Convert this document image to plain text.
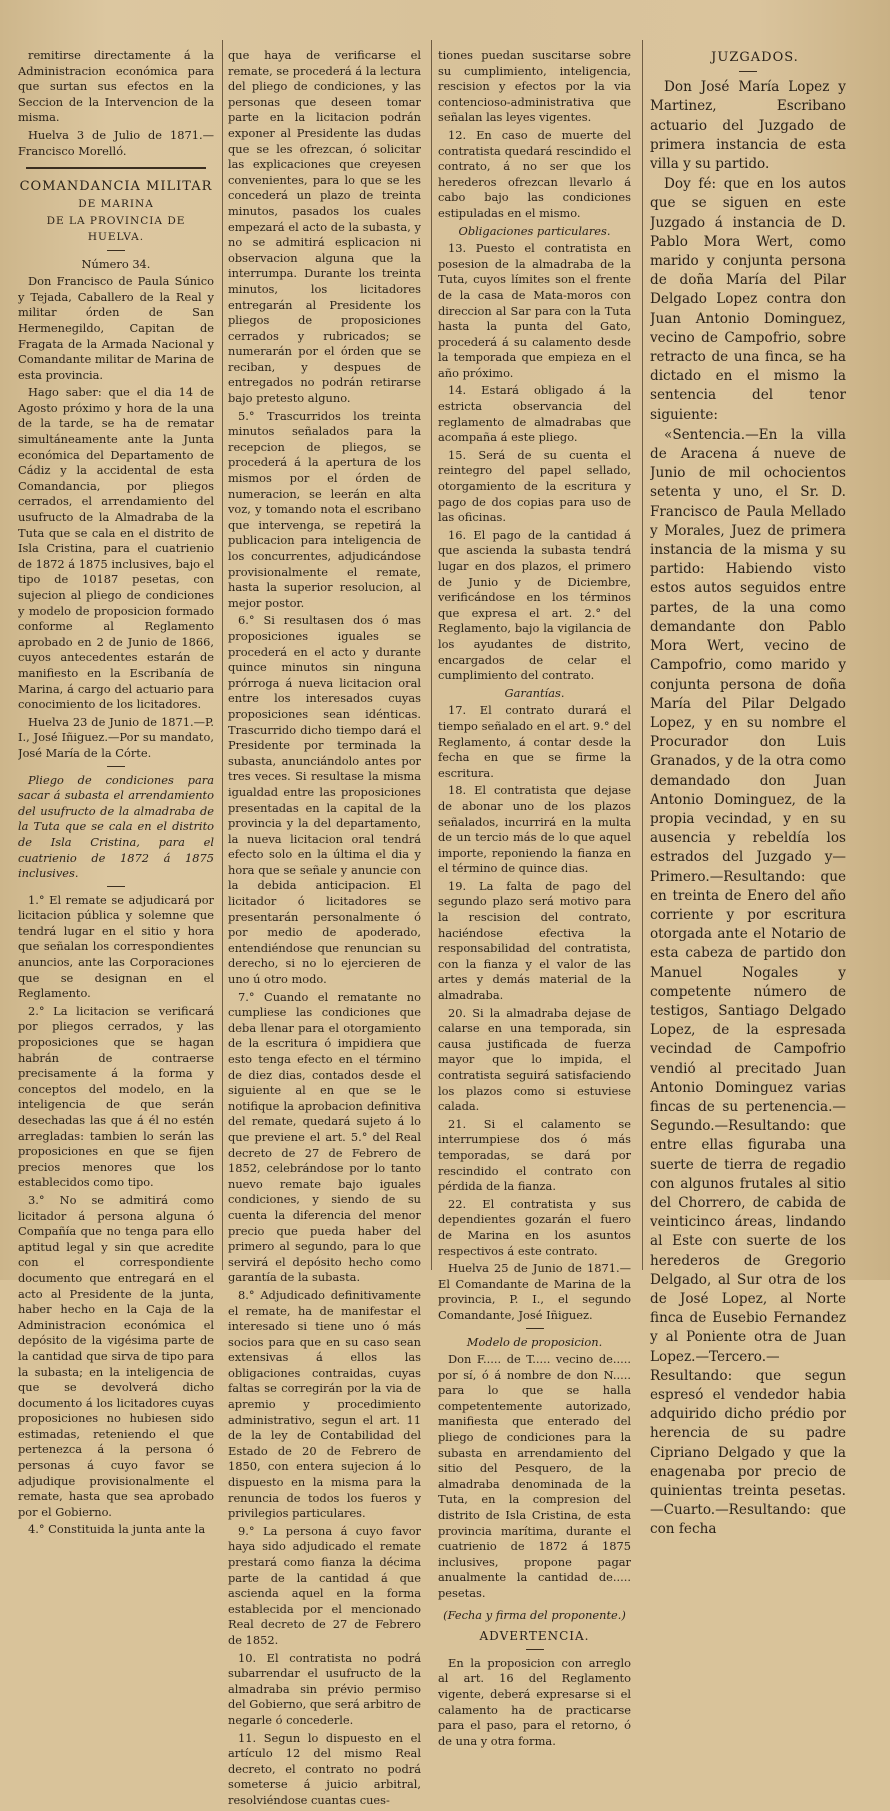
remitirse directamente á la Administracion económica para que surtan sus efectos en la Seccion de la Intervencion de la misma.

Huelva 3 de Julio de 1871.—Francisco Morelló.

COMANDANCIA MILITAR

DE MARINA

DE LA PROVINCIA DE HUELVA.

Número 34.

Don Francisco de Paula Súnico y Tejada, Caballero de la Real y militar órden de San Hermenegildo, Capitan de Fragata de la Armada Nacional y Comandante militar de Marina de esta provincia.

Hago saber: que el dia 14 de Agosto próximo y hora de la una de la tarde, se ha de rematar simultáneamente ante la Junta económica del Departamento de Cádiz y la accidental de esta Comandancia, por pliegos cerrados, el arrendamiento del usufructo de la Almadraba de la Tuta que se cala en el distrito de Isla Cristina, para el cuatrienio de 1872 á 1875 inclusives, bajo el tipo de 10187 pesetas, con sujecion al pliego de condiciones y modelo de proposicion formado conforme al Reglamento aprobado en 2 de Junio de 1866, cuyos antecedentes estarán de manifiesto en la Escribanía de Marina, á cargo del actuario para conocimiento de los licitadores.

Huelva 23 de Junio de 1871.—P. I., José Iñiguez.—Por su mandato, José María de la Córte.

Pliego de condiciones para sacar á subasta el arrendamiento del usufructo de la almadraba de la Tuta que se cala en el distrito de Isla Cristina, para el cuatrienio de 1872 á 1875 inclusives.

1.° El remate se adjudicará por licitacion pública y solemne que tendrá lugar en el sitio y hora que señalan los correspondientes anuncios, ante las Corporaciones que se designan en el Reglamento.

2.° La licitacion se verificará por pliegos cerrados, y las proposiciones que se hagan habrán de contraerse precisamente á la forma y conceptos del modelo, en la inteligencia de que serán desechadas las que á él no estén arregladas: tambien lo serán las proposiciones en que se fijen precios menores que los establecidos como tipo.

3.° No se admitirá como licitador á persona alguna ó Compañía que no tenga para ello aptitud legal y sin que acredite con el correspondiente documento que entregará en el acto al Presidente de la junta, haber hecho en la Caja de la Administracion económica el depósito de la vigésima parte de la cantidad que sirva de tipo para la subasta; en la inteligencia de que se devolverá dicho documento á los licitadores cuyas proposiciones no hubiesen sido estimadas, reteniendo el que pertenezca á la persona ó personas á cuyo favor se adjudique provisionalmente el remate, hasta que sea aprobado por el Gobierno.

4.° Constituida la junta ante la

que haya de verificarse el remate, se procederá á la lectura del pliego de condiciones, y las personas que deseen tomar parte en la licitacion podrán exponer al Presidente las dudas que se les ofrezcan, ó solicitar las explicaciones que creyesen convenientes, para lo que se les concederá un plazo de treinta minutos, pasados los cuales empezará el acto de la subasta, y no se admitirá esplicacion ni observacion alguna que la interrumpa. Durante los treinta minutos, los licitadores entregarán al Presidente los pliegos de proposiciones cerrados y rubricados; se numerarán por el órden que se reciban, y despues de entregados no podrán retirarse bajo pretesto alguno.

5.° Trascurridos los treinta minutos señalados para la recepcion de pliegos, se procederá á la apertura de los mismos por el órden de numeracion, se leerán en alta voz, y tomando nota el escribano que intervenga, se repetirá la publicacion para inteligencia de los concurrentes, adjudicándose provisionalmente el remate, hasta la superior resolucion, al mejor postor.

6.° Si resultasen dos ó mas proposiciones iguales se procederá en el acto y durante quince minutos sin ninguna prórroga á nueva licitacion oral entre los interesados cuyas proposiciones sean idénticas. Trascurrido dicho tiempo dará el Presidente por terminada la subasta, anunciándolo antes por tres veces. Si resultase la misma igualdad entre las proposiciones presentadas en la capital de la provincia y la del departamento, la nueva licitacion oral tendrá efecto solo en la última el dia y hora que se señale y anuncie con la debida anticipacion. El licitador ó licitadores se presentarán personalmente ó por medio de apoderado, entendiéndose que renuncian su derecho, si no lo ejercieren de uno ú otro modo.

7.° Cuando el rematante no cumpliese las condiciones que deba llenar para el otorgamiento de la escritura ó impidiera que esto tenga efecto en el término de diez dias, contados desde el siguiente al en que se le notifique la aprobacion definitiva del remate, quedará sujeto á lo que previene el art. 5.° del Real decreto de 27 de Febrero de 1852, celebrándose por lo tanto nuevo remate bajo iguales condiciones, y siendo de su cuenta la diferencia del menor precio que pueda haber del primero al segundo, para lo que servirá el depósito hecho como garantía de la subasta.

8.° Adjudicado definitivamente el remate, ha de manifestar el interesado si tiene uno ó más socios para que en su caso sean extensivas á ellos las obligaciones contraidas, cuyas faltas se corregirán por la via de apremio y procedimiento administrativo, segun el art. 11 de la ley de Contabilidad del Estado de 20 de Febrero de 1850, con entera sujecion á lo dispuesto en la misma para la renuncia de todos los fueros y privilegios particulares.

9.° La persona á cuyo favor haya sido adjudicado el remate prestará como fianza la décima parte de la cantidad á que ascienda aquel en la forma establecida por el mencionado Real decreto de 27 de Febrero de 1852.

10. El contratista no podrá subarrendar el usufructo de la almadraba sin prévio permiso del Gobierno, que será arbitro de negarle ó concederle.

11. Segun lo dispuesto en el artículo 12 del mismo Real decreto, el contrato no podrá someterse á juicio arbitral, resolviéndose cuantas cues-

tiones puedan suscitarse sobre su cumplimiento, inteligencia, rescision y efectos por la via contencioso-administrativa que señalan las leyes vigentes.

12. En caso de muerte del contratista quedará rescindido el contrato, á no ser que los herederos ofrezcan llevarlo á cabo bajo las condiciones estipuladas en el mismo.

Obligaciones particulares.

13. Puesto el contratista en posesion de la almadraba de la Tuta, cuyos límites son el frente de la casa de Mata-moros con direccion al Sar para con la Tuta hasta la punta del Gato, procederá á su calamento desde la temporada que empieza en el año próximo.

14. Estará obligado á la estricta observancia del reglamento de almadrabas que acompaña á este pliego.

15. Será de su cuenta el reintegro del papel sellado, otorgamiento de la escritura y pago de dos copias para uso de las oficinas.

16. El pago de la cantidad á que ascienda la subasta tendrá lugar en dos plazos, el primero de Junio y de Diciembre, verificándose en los términos que expresa el art. 2.° del Reglamento, bajo la vigilancia de los ayudantes de distrito, encargados de celar el cumplimiento del contrato.

Garantías.

17. El contrato durará el tiempo señalado en el art. 9.° del Reglamento, á contar desde la fecha en que se firme la escritura.

18. El contratista que dejase de abonar uno de los plazos señalados, incurrirá en la multa de un tercio más de lo que aquel importe, reponiendo la fianza en el término de quince dias.

19. La falta de pago del segundo plazo será motivo para la rescision del contrato, haciéndose efectiva la responsabilidad del contratista, con la fianza y el valor de las artes y demás material de la almadraba.

20. Si la almadraba dejase de calarse en una temporada, sin causa justificada de fuerza mayor que lo impida, el contratista seguirá satisfaciendo los plazos como si estuviese calada.

21. Si el calamento se interrumpiese dos ó más temporadas, se dará por rescindido el contrato con pérdida de la fianza.

22. El contratista y sus dependientes gozarán el fuero de Marina en los asuntos respectivos á este contrato.

Huelva 25 de Junio de 1871.—El Comandante de Marina de la provincia, P. I., el segundo Comandante, José Iñiguez.

Modelo de proposicion.

Don F..... de T..... vecino de..... por sí, ó á nombre de don N..... para lo que se halla competentemente autorizado, manifiesta que enterado del pliego de condiciones para la subasta en arrendamiento del sitio del Pesquero, de la almadraba denominada de la Tuta, en la compresion del distrito de Isla Cristina, de esta provincia marítima, durante el cuatrienio de 1872 á 1875 inclusives, propone pagar anualmente la cantidad de..... pesetas.

(Fecha y firma del proponente.)

ADVERTENCIA.

En la proposicion con arreglo al art. 16 del Reglamento vigente, deberá expresarse si el calamento ha de practicarse para el paso, para el retorno, ó de una y otra forma.

JUZGADOS.

Don José María Lopez y Martinez, Escribano actuario del Juzgado de primera instancia de esta villa y su partido.

Doy fé: que en los autos que se siguen en este Juzgado á instancia de D. Pablo Mora Wert, como marido y conjunta persona de doña María del Pilar Delgado Lopez contra don Juan Antonio Dominguez, vecino de Campofrio, sobre retracto de una finca, se ha dictado en el mismo la sentencia del tenor siguiente:

«Sentencia.—En la villa de Aracena á nueve de Junio de mil ochocientos setenta y uno, el Sr. D. Francisco de Paula Mellado y Morales, Juez de primera instancia de la misma y su partido: Habiendo visto estos autos seguidos entre partes, de la una como demandante don Pablo Mora Wert, vecino de Campofrio, como marido y conjunta persona de doña María del Pilar Delgado Lopez, y en su nombre el Procurador don Luis Granados, y de la otra como demandado don Juan Antonio Dominguez, de la propia vecindad, y en su ausencia y rebeldía los estrados del Juzgado y—Primero.—Resultando: que en treinta de Enero del año corriente y por escritura otorgada ante el Notario de esta cabeza de partido don Manuel Nogales y competente número de testigos, Santiago Delgado Lopez, de la espresada vecindad de Campofrio vendió al precitado Juan Antonio Dominguez varias fincas de su pertenencia.—Segundo.—Resultando: que entre ellas figuraba una suerte de tierra de regadio con algunos frutales al sitio del Chorrero, de cabida de veinticinco áreas, lindando al Este con suerte de los herederos de Gregorio Delgado, al Sur otra de los de José Lopez, al Norte finca de Eusebio Fernandez y al Poniente otra de Juan Lopez.—Tercero.—Resultando: que segun espresó el vendedor habia adquirido dicho prédio por herencia de su padre Cipriano Delgado y que la enagenaba por precio de quinientas treinta pesetas.—Cuarto.—Resultando: que con fecha
